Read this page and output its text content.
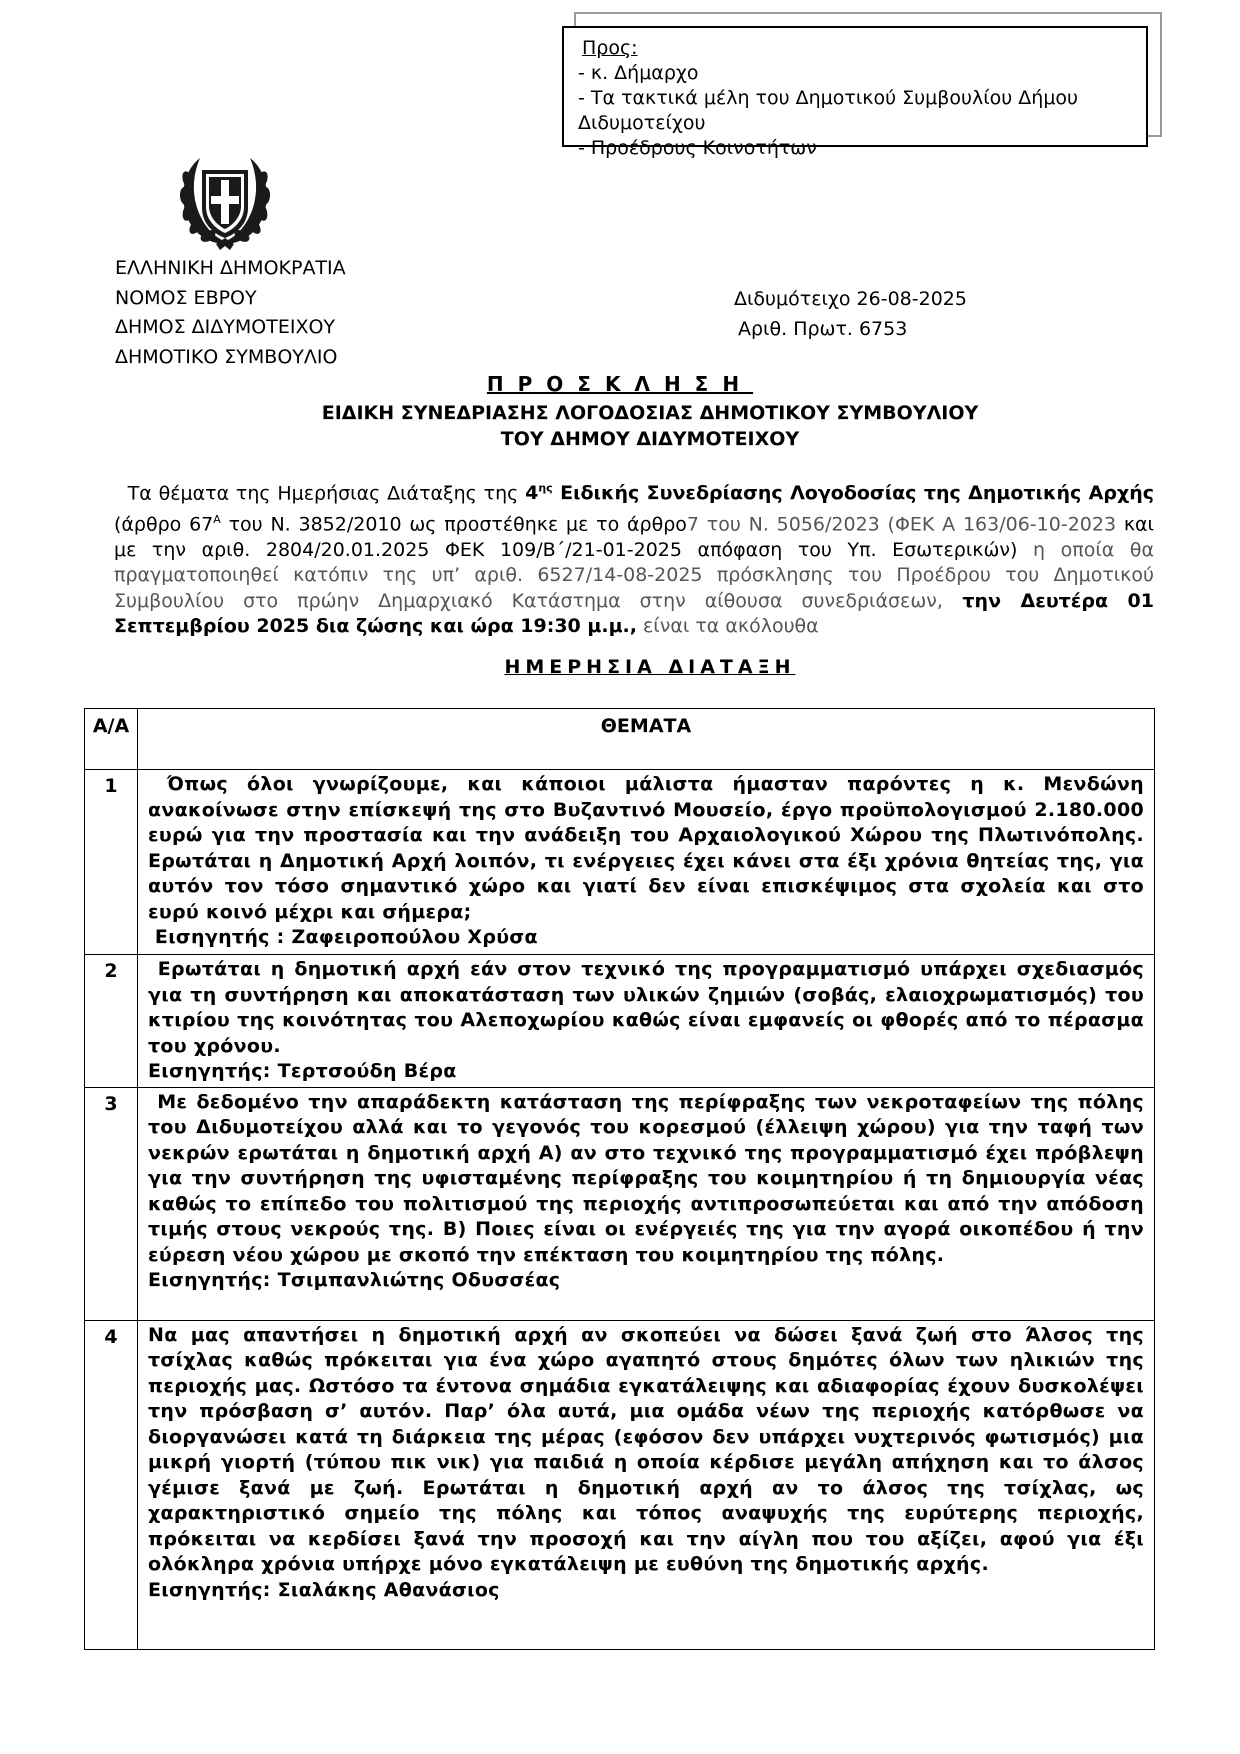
Προς:
- κ. Δήμαρχο
- Τα τακτικά μέλη του Δημοτικού Συμβουλίου Δήμου
Διδυμοτείχου
- Προέδρους Κοινοτήτων
ΕΛΛΗΝΙΚΗ ΔΗΜΟΚΡΑΤΙΑ
ΝΟΜΟΣ ΕΒΡΟΥ
ΔΗΜΟΣ ΔΙΔΥΜΟΤΕΙΧΟΥ
ΔΗΜΟΤΙΚΟ ΣΥΜΒΟΥΛΙΟ
Διδυμότειχο 26-08-2025
Αριθ. Πρωτ. 6753
ΠΡΟΣΚΛΗΣΗ
ΕΙΔΙΚΗ ΣΥΝΕΔΡΙΑΣΗΣ ΛΟΓΟΔΟΣΙΑΣ ΔΗΜΟΤΙΚΟΥ ΣΥΜΒΟΥΛΙΟΥ
ΤΟΥ ΔΗΜΟΥ ΔΙΔΥΜΟΤΕΙΧΟΥ
Τα θέματα της Ημερήσιας Διάταξης της $4^{\eta\varsigma}$ Ειδικής Συνεδρίασης Λογοδοσίας της Δημοτικής Αρχής (άρθρο $67^A$ του Ν. 3852/2010 ως προστέθηκε με το άρθρο7 του Ν. 5056/2023 (ΦΕΚ Α 163/06-10-2023 και με την αριθ. 2804/20.01.2025 ΦΕΚ 109/Β΄/21-01-2025 απόφαση του Υπ. Εσωτερικών) η οποία θα πραγματοποιηθεί κατόπιν της υπ’ αριθ. 6527/14-08-2025 πρόσκλησης του Προέδρου του Δημοτικού Συμβουλίου στο πρώην Δημαρχιακό Κατάστημα στην αίθουσα συνεδριάσεων, την Δευτέρα 01 Σεπτεμβρίου 2025 δια ζώσης και ώρα 19:30 μ.μ., είναι τα ακόλουθα
ΗΜΕΡΗΣΙΑ ΔΙΑΤΑΞΗ
Α/Α	ΘΕΜΑΤΑ
1	Όπως όλοι γνωρίζουμε, και κάποιοι μάλιστα ήμασταν παρόντες η κ. Μενδώνη ανακοίνωσε στην επίσκεψή της στο Βυζαντινό Μουσείο, έργο προϋπολογισμού 2.180.000 ευρώ για την προστασία και την ανάδειξη του Αρχαιολογικού Χώρου της Πλωτινόπολης. Ερωτάται η Δημοτική Αρχή λοιπόν, τι ενέργειες έχει κάνει στα έξι χρόνια θητείας της, για αυτόν τον τόσο σημαντικό χώρο και γιατί δεν είναι επισκέψιμος στα σχολεία και στο ευρύ κοινό μέχρι και σήμερα;
Εισηγητής : Ζαφειροπούλου Χρύσα

2	Ερωτάται η δημοτική αρχή εάν στον τεχνικό της προγραμματισμό υπάρχει σχεδιασμός για τη συντήρηση και αποκατάσταση των υλικών ζημιών (σοβάς, ελαιοχρωματισμός) του κτιρίου της κοινότητας του Αλεποχωρίου καθώς είναι εμφανείς οι φθορές από το πέρασμα του χρόνου.
Εισηγητής: Τερτσούδη Βέρα

3	Με δεδομένο την απαράδεκτη κατάσταση της περίφραξης των νεκροταφείων της πόλης του Διδυμοτείχου αλλά και το γεγονός του κορεσμού (έλλειψη χώρου) για την ταφή των νεκρών ερωτάται η δημοτική αρχή Α) αν στο τεχνικό της προγραμματισμό έχει πρόβλεψη για την συντήρηση της υφισταμένης περίφραξης του κοιμητηρίου ή τη δημιουργία νέας καθώς το επίπεδο του πολιτισμού της περιοχής αντιπροσωπεύεται και από την απόδοση τιμής στους νεκρούς της. Β) Ποιες είναι οι ενέργειές της για την αγορά οικοπέδου ή την εύρεση νέου χώρου με σκοπό την επέκταση του κοιμητηρίου της πόλης.
Εισηγητής: Τσιμπανλιώτης Οδυσσέας

4	Να μας απαντήσει η δημοτική αρχή αν σκοπεύει να δώσει ξανά ζωή στο Άλσος της τσίχλας καθώς πρόκειται για ένα χώρο αγαπητό στους δημότες όλων των ηλικιών της περιοχής μας. Ωστόσο τα έντονα σημάδια εγκατάλειψης και αδιαφορίας έχουν δυσκολέψει την πρόσβαση σ’ αυτόν. Παρ’ όλα αυτά, μια ομάδα νέων της περιοχής κατόρθωσε να διοργανώσει κατά τη διάρκεια της μέρας (εφόσον δεν υπάρχει νυχτερινός φωτισμός) μια μικρή γιορτή (τύπου πικ νικ) για παιδιά η οποία κέρδισε μεγάλη απήχηση και το άλσος γέμισε ξανά με ζωή. Ερωτάται η δημοτική αρχή αν το άλσος της τσίχλας, ως χαρακτηριστικό σημείο της πόλης και τόπος αναψυχής της ευρύτερης περιοχής, πρόκειται να κερδίσει ξανά την προσοχή και την αίγλη που του αξίζει, αφού για έξι ολόκληρα χρόνια υπήρχε μόνο εγκατάλειψη με ευθύνη της δημοτικής αρχής.
Εισηγητής: Σιαλάκης Αθανάσιος
